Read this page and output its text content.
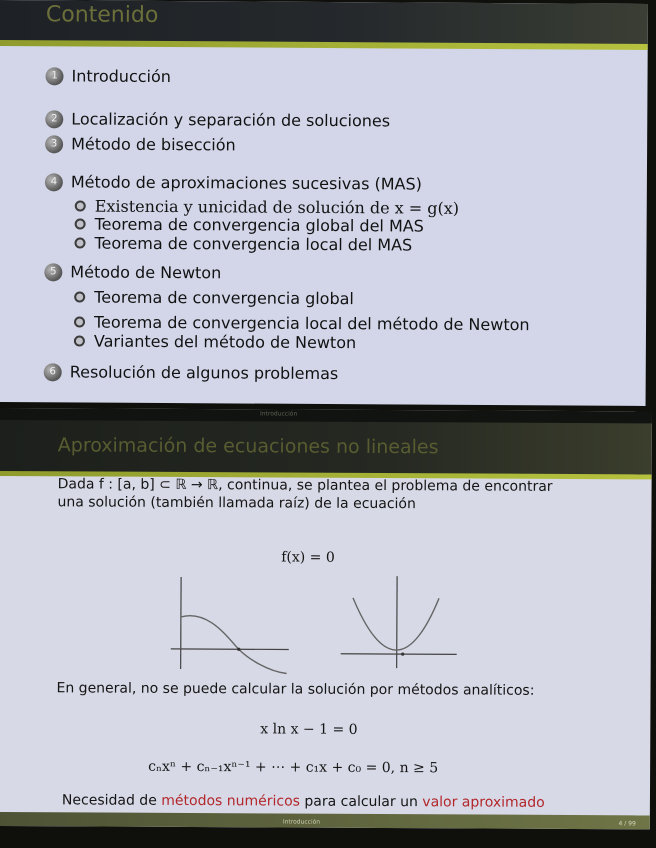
Contenido
1 Introducción
2 Localización y separación de soluciones
3 Método de bisección
4 Método de aproximaciones sucesivas (MAS)
Existencia y unicidad de solución de x = g(x)
Teorema de convergencia global del MAS
Teorema de convergencia local del MAS
5 Método de Newton
Teorema de convergencia global
Teorema de convergencia local del método de Newton
Variantes del método de Newton
6 Resolución de algunos problemas
Introducción
Aproximación de ecuaciones no lineales
Dada f : [a, b] ⊂ ℝ → ℝ, continua, se plantea el problema de encontrar
una solución (también llamada raíz) de la ecuación
f(x) = 0
En general, no se puede calcular la solución por métodos analíticos:
x ln x − 1 = 0
cₙxⁿ + cₙ₋₁xⁿ⁻¹ + ⋯ + c₁x + c₀ = 0, n ≥ 5
Necesidad de métodos numéricos para calcular un valor aproximado
Introducción	4 / 99
